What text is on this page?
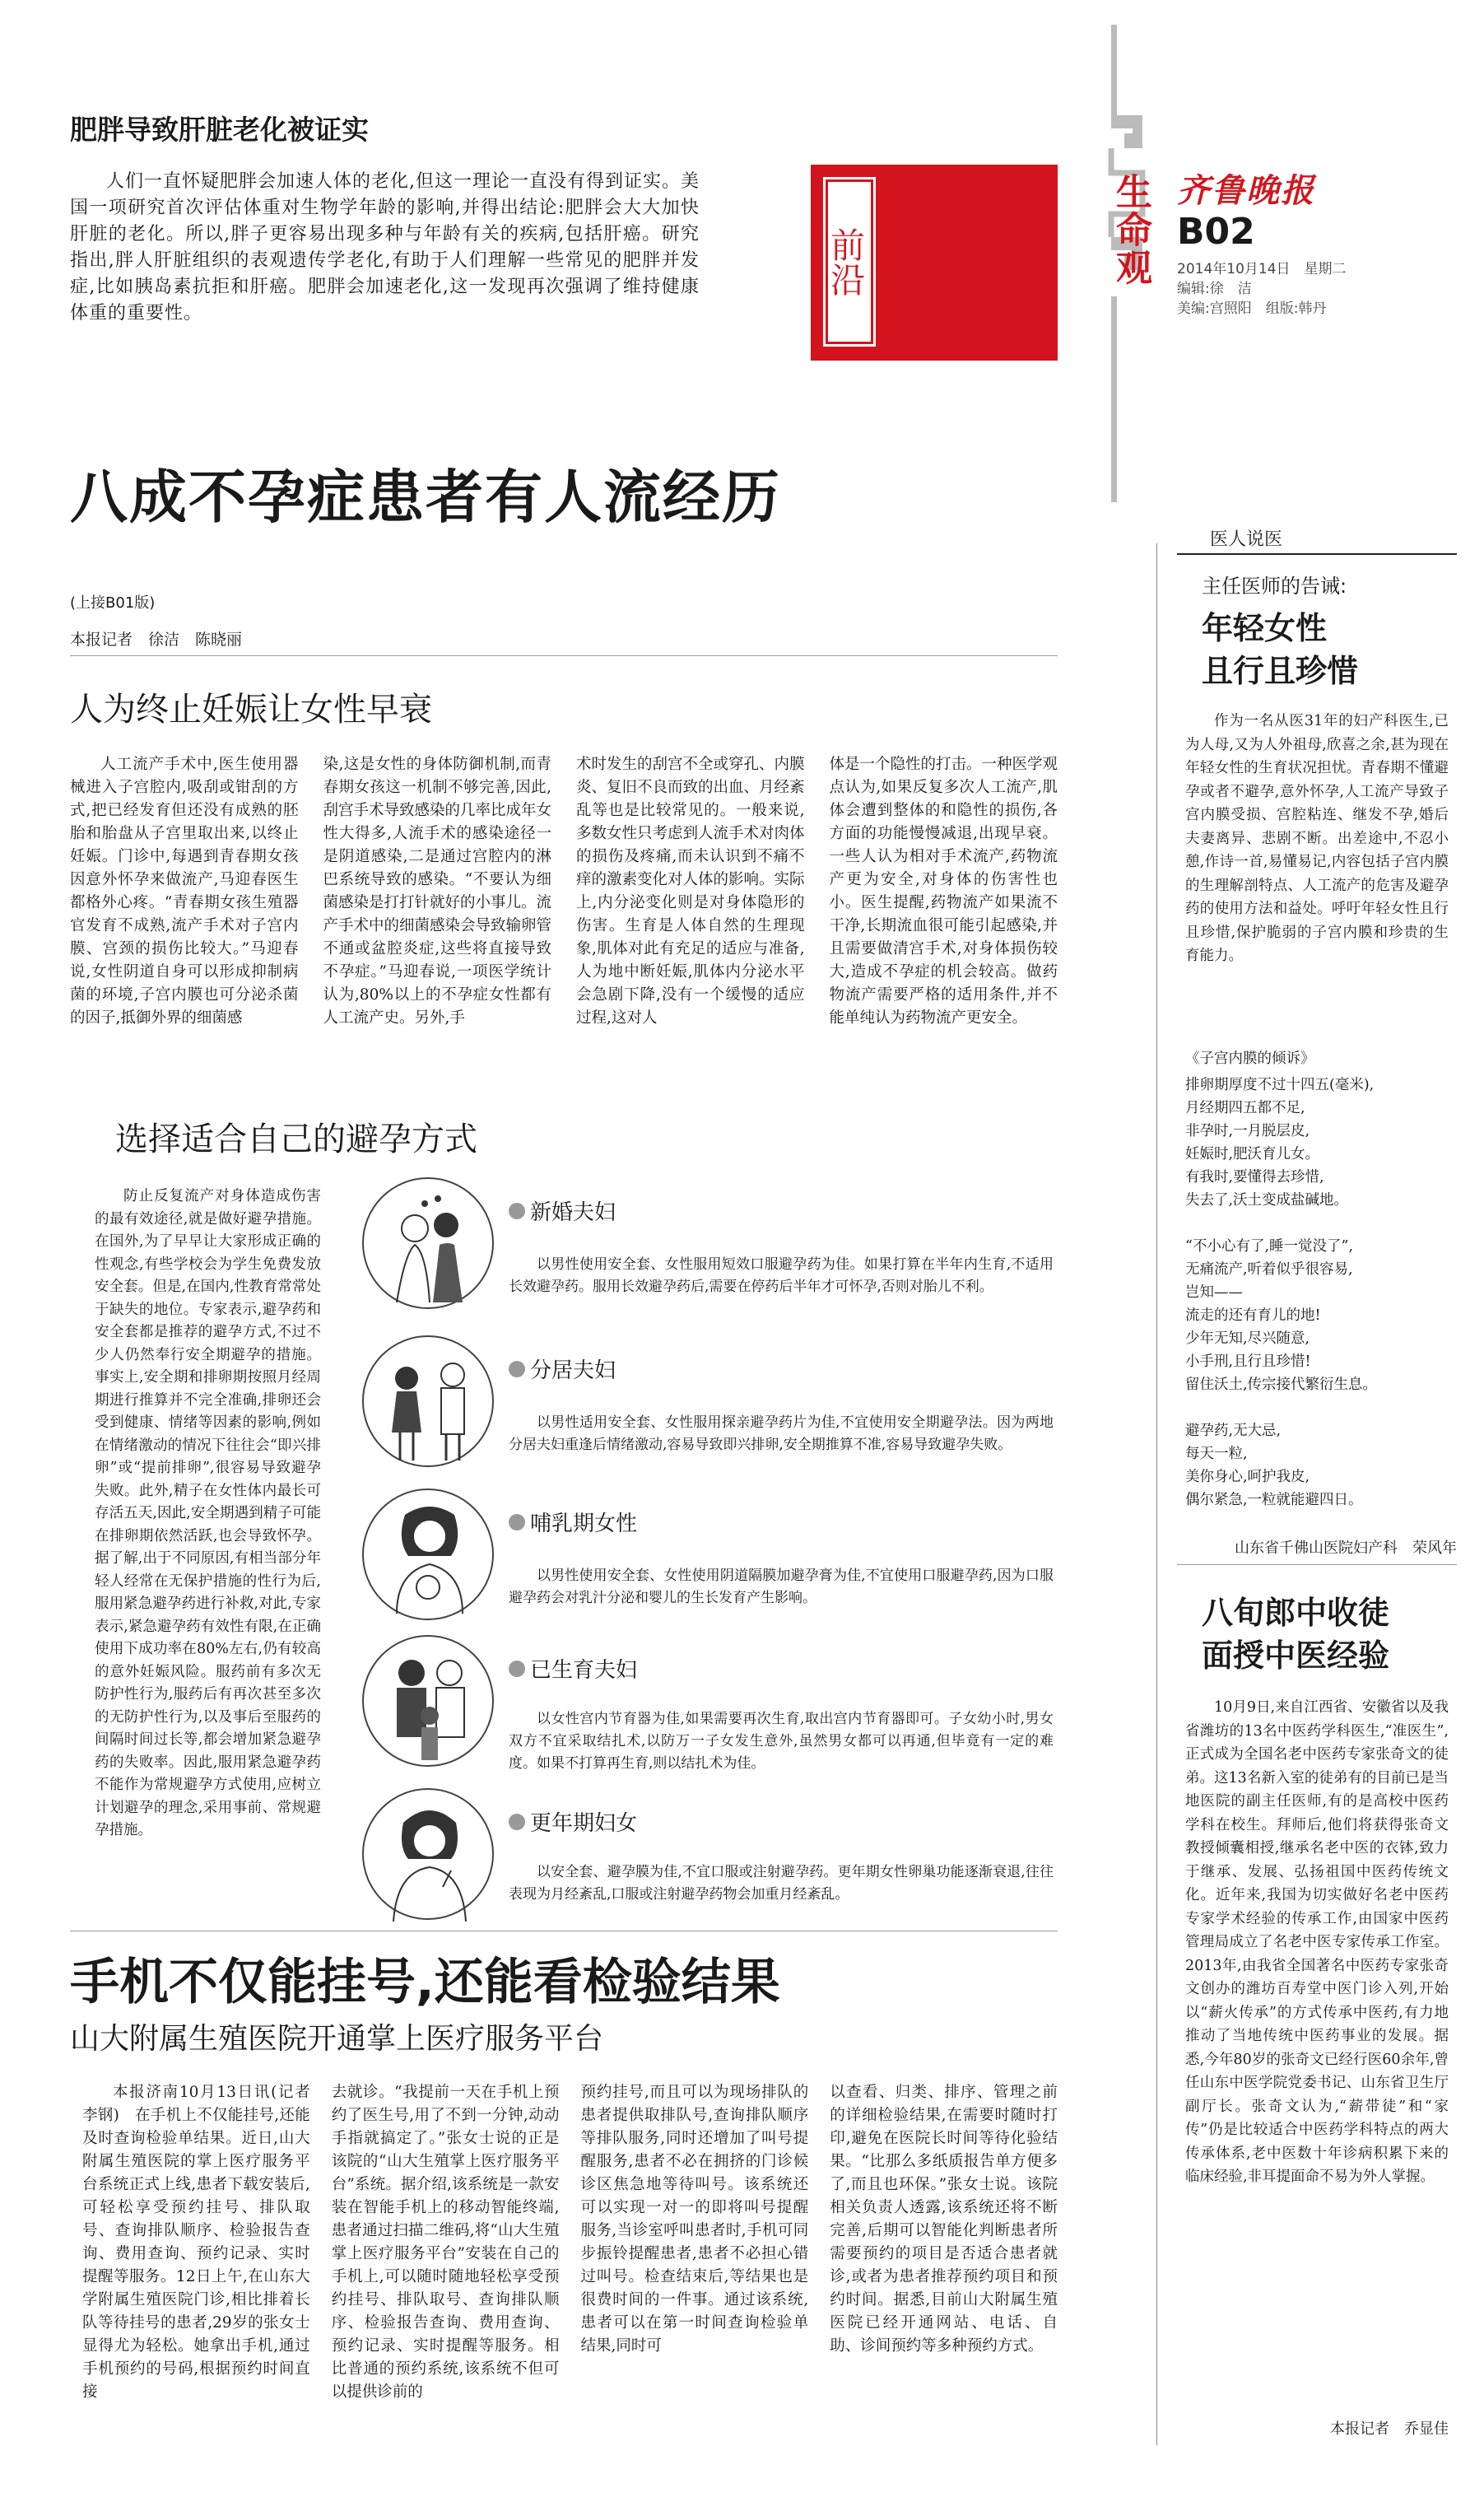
生命观 齐鲁晚报
B02
2014年10月14日　星期二
编辑:徐　洁
美编:宫照阳　组版:韩丹
肥胖导致肝脏老化被证实

人们一直怀疑肥胖会加速人体的老化,但这一理论一直没有得到证实。美国一项研究首次评估体重对生物学年龄的影响,并得出结论:肥胖会大大加快肝脏的老化。所以,胖子更容易出现多种与年龄有关的疾病,包括肝癌。研究指出,胖人肝脏组织的表观遗传学老化,有助于人们理解一些常见的肥胖并发症,比如胰岛素抗拒和肝癌。肥胖会加速老化,这一发现再次强调了维持健康体重的重要性。

前沿
八成不孕症患者有人流经历
(上接B01版)
本报记者　徐洁　陈晓丽
人为终止妊娠让女性早衰

人工流产手术中,医生使用器械进入子宫腔内,吸刮或钳刮的方式,把已经发育但还没有成熟的胚胎和胎盘从子宫里取出来,以终止妊娠。门诊中,每遇到青春期女孩因意外怀孕来做流产,马迎春医生都格外心疼。“青春期女孩生殖器官发育不成熟,流产手术对子宫内膜、宫颈的损伤比较大。”马迎春说,女性阴道自身可以形成抑制病菌的环境,子宫内膜也可分泌杀菌的因子,抵御外界的细菌感

染,这是女性的身体防御机制,而青春期女孩这一机制不够完善,因此,刮宫手术导致感染的几率比成年女性大得多,人流手术的感染途径一是阴道感染,二是通过宫腔内的淋巴系统导致的感染。“不要认为细菌感染是打打针就好的小事儿。流产手术中的细菌感染会导致输卵管不通或盆腔炎症,这些将直接导致不孕症。”马迎春说,一项医学统计认为,80%以上的不孕症女性都有人工流产史。另外,手

术时发生的刮宫不全或穿孔、内膜炎、复旧不良而致的出血、月经紊乱等也是比较常见的。一般来说,多数女性只考虑到人流手术对肉体的损伤及疼痛,而未认识到不痛不痒的激素变化对人体的影响。实际上,内分泌变化则是对身体隐形的伤害。生育是人体自然的生理现象,肌体对此有充足的适应与准备,人为地中断妊娠,肌体内分泌水平会急剧下降,没有一个缓慢的适应过程,这对人

体是一个隐性的打击。一种医学观点认为,如果反复多次人工流产,肌体会遭到整体的和隐性的损伤,各方面的功能慢慢减退,出现早衰。一些人认为相对手术流产,药物流产更为安全,对身体的伤害性也小。医生提醒,药物流产如果流不干净,长期流血很可能引起感染,并且需要做清宫手术,对身体损伤较大,造成不孕症的机会较高。做药物流产需要严格的适用条件,并不能单纯认为药物流产更安全。

选择适合自己的避孕方式

防止反复流产对身体造成伤害的最有效途径,就是做好避孕措施。在国外,为了早早让大家形成正确的性观念,有些学校会为学生免费发放安全套。但是,在国内,性教育常常处于缺失的地位。专家表示,避孕药和安全套都是推荐的避孕方式,不过不少人仍然奉行安全期避孕的措施。事实上,安全期和排卵期按照月经周期进行推算并不完全准确,排卵还会受到健康、情绪等因素的影响,例如在情绪激动的情况下往往会“即兴排卵”或“提前排卵”,很容易导致避孕失败。此外,精子在女性体内最长可存活五天,因此,安全期遇到精子可能在排卵期依然活跃,也会导致怀孕。据了解,出于不同原因,有相当部分年轻人经常在无保护措施的性行为后,服用紧急避孕药进行补救,对此,专家表示,紧急避孕药有效性有限,在正确使用下成功率在80%左右,仍有较高的意外妊娠风险。服药前有多次无防护性行为,服药后有再次甚至多次的无防护性行为,以及事后至服药的间隔时间过长等,都会增加紧急避孕药的失败率。因此,服用紧急避孕药不能作为常规避孕方式使用,应树立计划避孕的理念,采用事前、常规避孕措施。

新婚夫妇

以男性使用安全套、女性服用短效口服避孕药为佳。如果打算在半年内生育,不适用长效避孕药。服用长效避孕药后,需要在停药后半年才可怀孕,否则对胎儿不利。

分居夫妇

以男性适用安全套、女性服用探亲避孕药片为佳,不宜使用安全期避孕法。因为两地分居夫妇重逢后情绪激动,容易导致即兴排卵,安全期推算不准,容易导致避孕失败。

哺乳期女性

以男性使用安全套、女性使用阴道隔膜加避孕膏为佳,不宜使用口服避孕药,因为口服避孕药会对乳汁分泌和婴儿的生长发育产生影响。

已生育夫妇

以女性宫内节育器为佳,如果需要再次生育,取出宫内节育器即可。子女幼小时,男女双方不宜采取结扎术,以防万一子女发生意外,虽然男女都可以再通,但毕竟有一定的难度。如果不打算再生育,则以结扎术为佳。

更年期妇女

以安全套、避孕膜为佳,不宜口服或注射避孕药。更年期女性卵巢功能逐渐衰退,往往表现为月经紊乱,口服或注射避孕药物会加重月经紊乱。

手机不仅能挂号,还能看检验结果
山大附属生殖医院开通掌上医疗服务平台

本报济南10月13日讯(记者　李钢)　在手机上不仅能挂号,还能及时查询检验单结果。近日,山大附属生殖医院的掌上医疗服务平台系统正式上线,患者下载安装后,可轻松享受预约挂号、排队取号、查询排队顺序、检验报告查询、费用查询、预约记录、实时提醒等服务。12日上午,在山东大学附属生殖医院门诊,相比排着长队等待挂号的患者,29岁的张女士显得尤为轻松。她拿出手机,通过手机预约的号码,根据预约时间直接

去就诊。“我提前一天在手机上预约了医生号,用了不到一分钟,动动手指就搞定了。”张女士说的正是该院的“山大生殖掌上医疗服务平台”系统。据介绍,该系统是一款安装在智能手机上的移动智能终端,患者通过扫描二维码,将“山大生殖掌上医疗服务平台”安装在自己的手机上,可以随时随地轻松享受预约挂号、排队取号、查询排队顺序、检验报告查询、费用查询、预约记录、实时提醒等服务。相比普通的预约系统,该系统不但可以提供诊前的

预约挂号,而且可以为现场排队的患者提供取排队号,查询排队顺序等排队服务,同时还增加了叫号提醒服务,患者不必在拥挤的门诊候诊区焦急地等待叫号。该系统还可以实现一对一的即将叫号提醒服务,当诊室呼叫患者时,手机可同步振铃提醒患者,患者不必担心错过叫号。检查结束后,等结果也是很费时间的一件事。通过该系统,患者可以在第一时间查询检验单结果,同时可

以查看、归类、排序、管理之前的详细检验结果,在需要时随时打印,避免在医院长时间等待化验结果。“比那么多纸质报告单方便多了,而且也环保。”张女士说。该院相关负责人透露,该系统还将不断完善,后期可以智能化判断患者所需要预约的项目是否适合患者就诊,或者为患者推荐预约项目和预约时间。据悉,目前山大附属生殖医院已经开通网站、电话、自助、诊间预约等多种预约方式。

医人说医
主任医师的告诫:
年轻女性
且行且珍惜

作为一名从医31年的妇产科医生,已为人母,又为人外祖母,欣喜之余,甚为现在年轻女性的生育状况担忧。青春期不懂避孕或者不避孕,意外怀孕,人工流产导致子宫内膜受损、宫腔粘连、继发不孕,婚后夫妻离异、悲剧不断。出差途中,不忍小憩,作诗一首,易懂易记,内容包括子宫内膜的生理解剖特点、人工流产的危害及避孕药的使用方法和益处。呼吁年轻女性且行且珍惜,保护脆弱的子宫内膜和珍贵的生育能力。

《子宫内膜的倾诉》
排卵期厚度不过十四五(毫米),
月经期四五都不足,
非孕时,一月脱层皮,
妊娠时,肥沃育儿女。
有我时,要懂得去珍惜,
失去了,沃土变成盐碱地。
“不小心有了,睡一觉没了”,
无痛流产,听着似乎很容易,
岂知——
流走的还有育儿的地!
少年无知,尽兴随意,
小手刑,且行且珍惜!
留住沃土,传宗接代繁衍生息。
避孕药,无大忌,
每天一粒,
美你身心,呵护我皮,
偶尔紧急,一粒就能避四日。
山东省千佛山医院妇产科　荣风年
八旬郎中收徒
面授中医经验

10月9日,来自江西省、安徽省以及我省潍坊的13名中医药学科医生,“准医生”,正式成为全国名老中医药专家张奇文的徒弟。这13名新入室的徒弟有的目前已是当地医院的副主任医师,有的是高校中医药学科在校生。拜师后,他们将获得张奇文教授倾囊相授,继承名老中医的衣钵,致力于继承、发展、弘扬祖国中医药传统文化。近年来,我国为切实做好名老中医药专家学术经验的传承工作,由国家中医药管理局成立了名老中医专家传承工作室。2013年,由我省全国著名中医药专家张奇文创办的潍坊百寿堂中医门诊入列,开始以“薪火传承”的方式传承中医药,有力地推动了当地传统中医药事业的发展。据悉,今年80岁的张奇文已经行医60余年,曾任山东中医学院党委书记、山东省卫生厅副厅长。张奇文认为,“薪带徒”和“家传”仍是比较适合中医药学科特点的两大传承体系,老中医数十年诊病积累下来的临床经验,非耳提面命不易为外人掌握。

本报记者　乔显佳
